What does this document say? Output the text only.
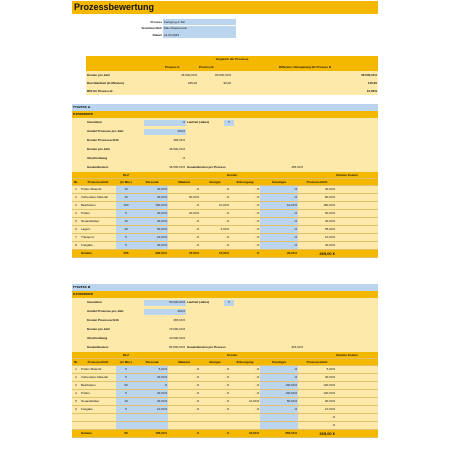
Prozessbewertung
Prozess Fertigung A-Teil
Verantwortlich Max Mustermann
Datum 21.04.2023
Vergleich der Prozesse
Prozess A	Prozess B	Differenz / Einsparung für Prozess B
Kosten pro Jahr	46.500,00 €	83.000,00 €	36.500,00 €
Durchlaufzeit (in Minuten)	235,00	90,00	145,00
ROI für Prozess B	10,00%
Prozess A
Kennzahlen
Investition	- € Laufzeit (Jahre)	5
Anzahl Prozesse pro Jahr	200,0
Kosten Prozessschritt	465,00 €
Kosten pro Jahr	46.500,00 €
Abschreibung	- €
Gesamtkosten:	46.500,00 € Gesamtkosten pro Prozess	465,00 €
DLZ	Kosten	Summe Kosten
Nr.	Prozessschritt	(in Min.)	Personal	Material	Energie	Entsorgung	Sonstiges	Prozessschritt
1	Prüfen Material	10	30,00 €	- €	- €	- €	- €	30,00 €
2	Vorbereiten Material	10	30,00 €	50,00 €	- €	- €	- €	80,00 €
3	Bearbeiten	150	150,00 €	- €	10,00 €	- €	10,00 €	180,00 €
4	Prüfen	5	30,00 €	20,00 €	- €	- €	- €	50,00 €
5	Neuaufstellen	10	30,00 €	- €	- €	- €	- €	30,00 €
6	Lagern	40	50,00 €	- €	5,00 €	- €	- €	55,00 €
7	Transport	5	10,00 €	- €	- €	- €	- €	10,00 €
8	Freigabe	5	30,00 €	- €	- €	- €	- €	30,00 €
Summe	235	360,00 €	70,00 €	15,00 €	- €	20,00 €	465,00 €
Prozess B
Kennzahlen
Investition	50.000,00 € Laufzeit (Jahre)	5
Anzahl Prozesse pro Jahr	200,0
Kosten Prozessschritt	365,00 €
Kosten pro Jahr	73.000,00 €
Abschreibung	10.000,00 €
Gesamtkosten:	83.000,00 € Gesamtkosten pro Prozess	415,00 €
DLZ	Kosten	Summe Kosten
Nr.	Prozessschritt	(in Min.)	Personal	Material	Energie	Entsorgung	Sonstiges	Prozessschritt
1	Prüfen Material	5	5,00 €	- €	- €	- €	- €	5,00 €
2	Vorbereiten Material	5	30,00 €	- €	- €	- €	- €	30,00 €
3	Bearbeiten	60	- €	- €	- €	- €	100,00 €	100,00 €
4	Prüfen	5	30,00 €	- €	- €	- €	100,00 €	130,00 €
5	Neuaufstellen	10	30,00 €	- €	- €	10,00 €	50,00 €	90,00 €
6	Freigabe	5	10,00 €	- €	- €	- €	- €	10,00 €
- €
- €
Summe	90	105,00 €	- €	- €	10,00 €	250,00 €	365,00 €
